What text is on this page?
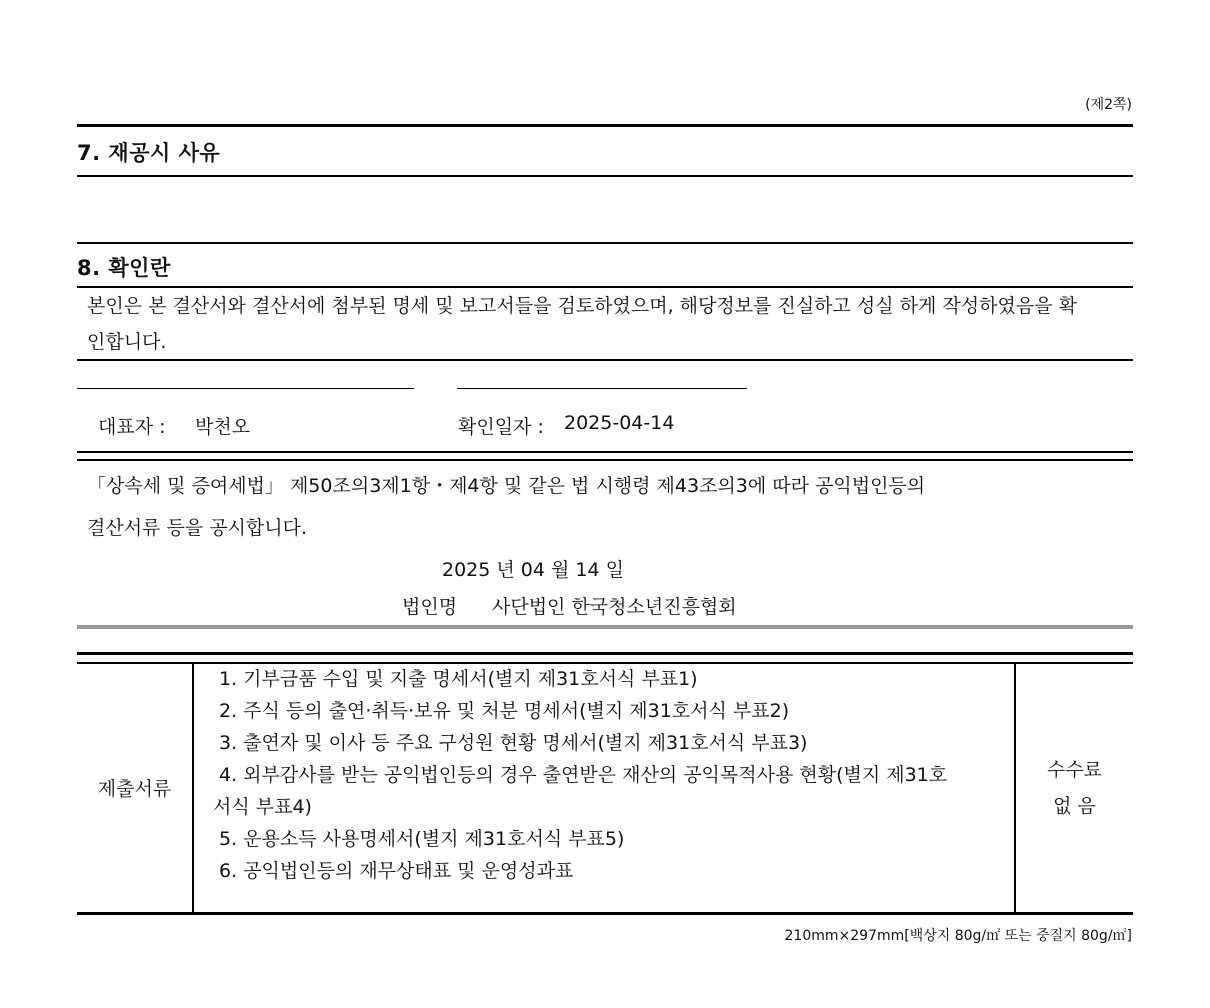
(제2쪽)
7. 재공시 사유
8. 확인란
본인은 본 결산서와 결산서에 첨부된 명세 및 보고서들을 검토하였으며, 해당정보를 진실하고 성실 하게 작성하였음을 확
인합니다.
대표자 : 박천오	확인일자 : 2025-04-14
「상속세 및 증여세법」 제50조의3제1항・제4항 및 같은 법 시행령 제43조의3에 따라 공익법인등의
결산서류 등을 공시합니다.
2025 년 04 월 14 일
법인명 사단법인 한국청소년진흥협회
제출서류
1. 기부금품 수입 및 지출 명세서(별지 제31호서식 부표1)
2. 주식 등의 출연·취득·보유 및 처분 명세서(별지 제31호서식 부표2)
3. 출연자 및 이사 등 주요 구성원 현황 명세서(별지 제31호서식 부표3)
4. 외부감사를 받는 공익법인등의 경우 출연받은 재산의 공익목적사용 현황(별지 제31호
서식 부표4)
5. 운용소득 사용명세서(별지 제31호서식 부표5)
6. 공익법인등의 재무상태표 및 운영성과표
수수료
없 음
210mm×297mm[백상지 80g/㎡ 또는 중질지 80g/㎡]
